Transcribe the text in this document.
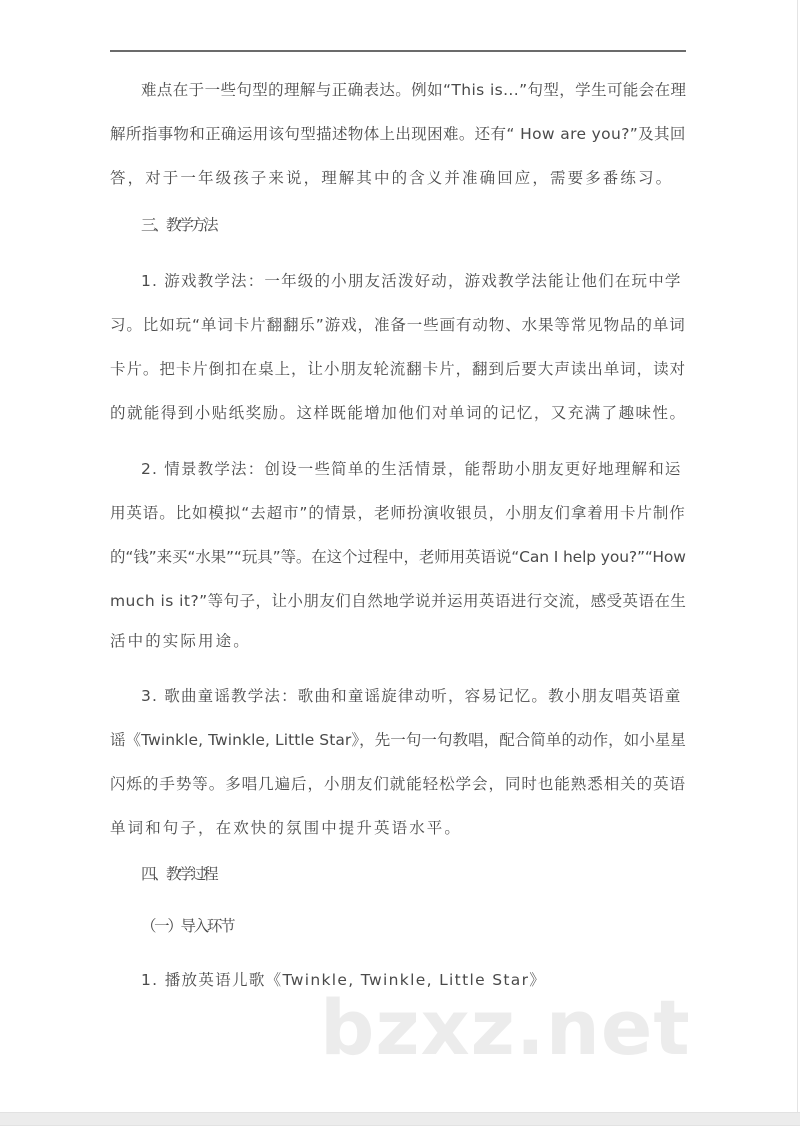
难点在于一些句型的理解与正确表达。例如“This is...”句型，学生可能会在理
解所指事物和正确运用该句型描述物体上出现困难。还有“ How are you?”及其回
答，对于一年级孩子来说，理解其中的含义并准确回应，需要多番练习。
三、教学方法
1. 游戏教学法：一年级的小朋友活泼好动，游戏教学法能让他们在玩中学
习。比如玩“单词卡片翻翻乐”游戏，准备一些画有动物、水果等常见物品的单词
卡片。把卡片倒扣在桌上，让小朋友轮流翻卡片，翻到后要大声读出单词，读对
的就能得到小贴纸奖励。这样既能增加他们对单词的记忆，又充满了趣味性。
2. 情景教学法：创设一些简单的生活情景，能帮助小朋友更好地理解和运
用英语。比如模拟“去超市”的情景，老师扮演收银员，小朋友们拿着用卡片制作
的“钱”来买“水果”“玩具”等。在这个过程中，老师用英语说“Can I help you?”“How
much is it?”等句子，让小朋友们自然地学说并运用英语进行交流，感受英语在生
活中的实际用途。
3. 歌曲童谣教学法：歌曲和童谣旋律动听，容易记忆。教小朋友唱英语童
谣《Twinkle, Twinkle, Little Star》，先一句一句教唱，配合简单的动作，如小星星
闪烁的手势等。多唱几遍后，小朋友们就能轻松学会，同时也能熟悉相关的英语
单词和句子，在欢快的氛围中提升英语水平。
四、教学过程
（一）导入环节
1. 播放英语儿歌《Twinkle, Twinkle, Little Star》
bzxz.net
